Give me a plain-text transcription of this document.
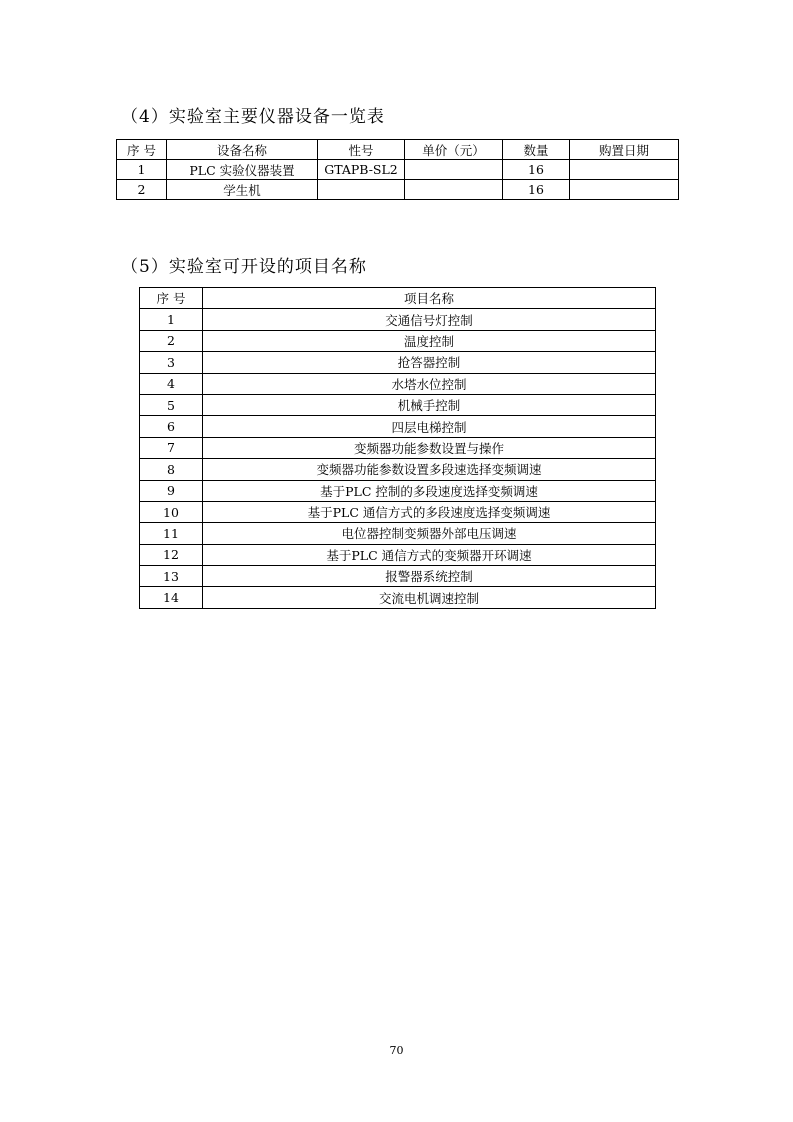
（4）实验室主要仪器设备一览表
序 号	设备名称	性号	单价（元）	数量	购置日期
1	PLC 实验仪器装置	GTAPB-SL2		16	
2	学生机			16	
（5）实验室可开设的项目名称
序 号	项目名称
1	交通信号灯控制
2	温度控制
3	抢答器控制
4	水塔水位控制
5	机械手控制
6	四层电梯控制
7	变频器功能参数设置与操作
8	变频器功能参数设置多段速选择变频调速
9	基于PLC 控制的多段速度选择变频调速
10	基于PLC 通信方式的多段速度选择变频调速
11	电位器控制变频器外部电压调速
12	基于PLC 通信方式的变频器开环调速
13	报警器系统控制
14	交流电机调速控制
70
